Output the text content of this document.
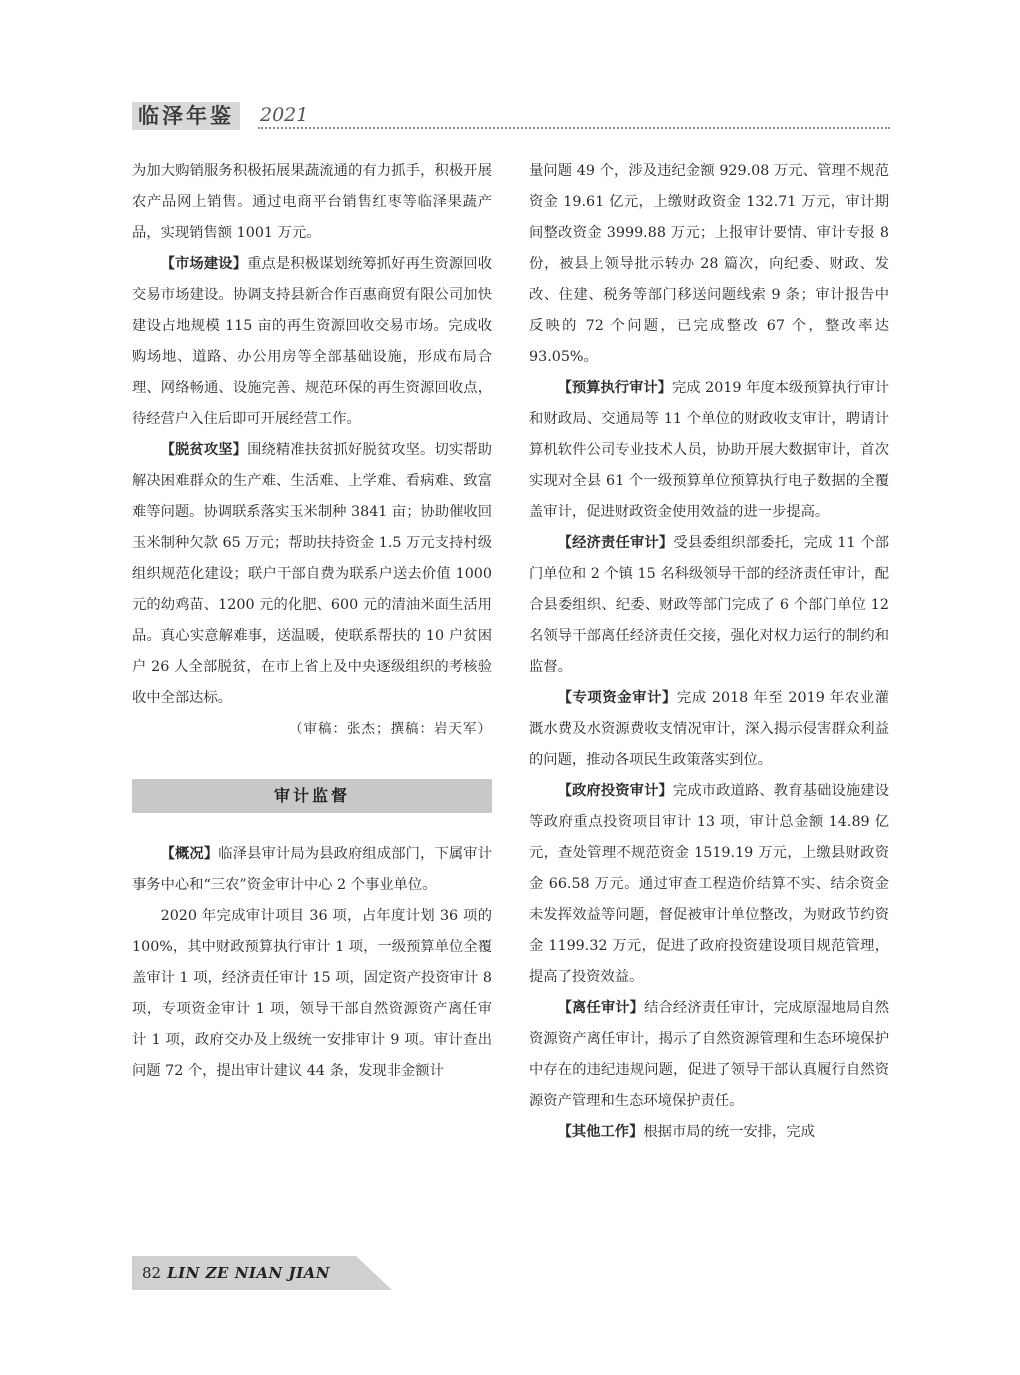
临泽年鉴	2021

为加大购销服务积极拓展果蔬流通的有力抓手，积极开展农产品网上销售。通过电商平台销售红枣等临泽果蔬产品，实现销售额 1001 万元。

【市场建设】重点是积极谋划统筹抓好再生资源回收交易市场建设。协调支持县新合作百惠商贸有限公司加快建设占地规模 115 亩的再生资源回收交易市场。完成收购场地、道路、办公用房等全部基础设施，形成布局合理、网络畅通、设施完善、规范环保的再生资源回收点，待经营户入住后即可开展经营工作。

【脱贫攻坚】围绕精准扶贫抓好脱贫攻坚。切实帮助解决困难群众的生产难、生活难、上学难、看病难、致富难等问题。协调联系落实玉米制种 3841 亩；协助催收回玉米制种欠款 65 万元；帮助扶持资金 1.5 万元支持村级组织规范化建设；联户干部自费为联系户送去价值 1000 元的幼鸡苗、1200 元的化肥、600 元的清油米面生活用品。真心实意解难事，送温暖，使联系帮扶的 10 户贫困户 26 人全部脱贫，在市上省上及中央逐级组织的考核验收中全部达标。

（审稿：张杰；撰稿：岩天军）

审计监督

【概况】临泽县审计局为县政府组成部门，下属审计事务中心和“三农”资金审计中心 2 个事业单位。

2020 年完成审计项目 36 项，占年度计划 36 项的 100%，其中财政预算执行审计 1 项，一级预算单位全覆盖审计 1 项，经济责任审计 15 项，固定资产投资审计 8 项，专项资金审计 1 项，领导干部自然资源资产离任审计 1 项，政府交办及上级统一安排审计 9 项。审计查出问题 72 个，提出审计建议 44 条，发现非金额计

量问题 49 个，涉及违纪金额 929.08 万元、管理不规范资金 19.61 亿元，上缴财政资金 132.71 万元，审计期间整改资金 3999.88 万元；上报审计要情、审计专报 8 份，被县上领导批示转办 28 篇次，向纪委、财政、发改、住建、税务等部门移送问题线索 9 条；审计报告中反映的 72 个问题，已完成整改 67 个，整改率达 93.05%。

【预算执行审计】完成 2019 年度本级预算执行审计和财政局、交通局等 11 个单位的财政收支审计，聘请计算机软件公司专业技术人员，协助开展大数据审计，首次实现对全县 61 个一级预算单位预算执行电子数据的全覆盖审计，促进财政资金使用效益的进一步提高。

【经济责任审计】受县委组织部委托，完成 11 个部门单位和 2 个镇 15 名科级领导干部的经济责任审计，配合县委组织、纪委、财政等部门完成了 6 个部门单位 12 名领导干部离任经济责任交接，强化对权力运行的制约和监督。

【专项资金审计】完成 2018 年至 2019 年农业灌溉水费及水资源费收支情况审计，深入揭示侵害群众利益的问题，推动各项民生政策落实到位。

【政府投资审计】完成市政道路、教育基础设施建设等政府重点投资项目审计 13 项，审计总金额 14.89 亿元，查处管理不规范资金 1519.19 万元，上缴县财政资金 66.58 万元。通过审查工程造价结算不实、结余资金未发挥效益等问题，督促被审计单位整改，为财政节约资金 1199.32 万元，促进了政府投资建设项目规范管理，提高了投资效益。

【离任审计】结合经济责任审计，完成原湿地局自然资源资产离任审计，揭示了自然资源管理和生态环境保护中存在的违纪违规问题，促进了领导干部认真履行自然资源资产管理和生态环境保护责任。

【其他工作】根据市局的统一安排，完成

82 LIN ZE NIAN JIAN
